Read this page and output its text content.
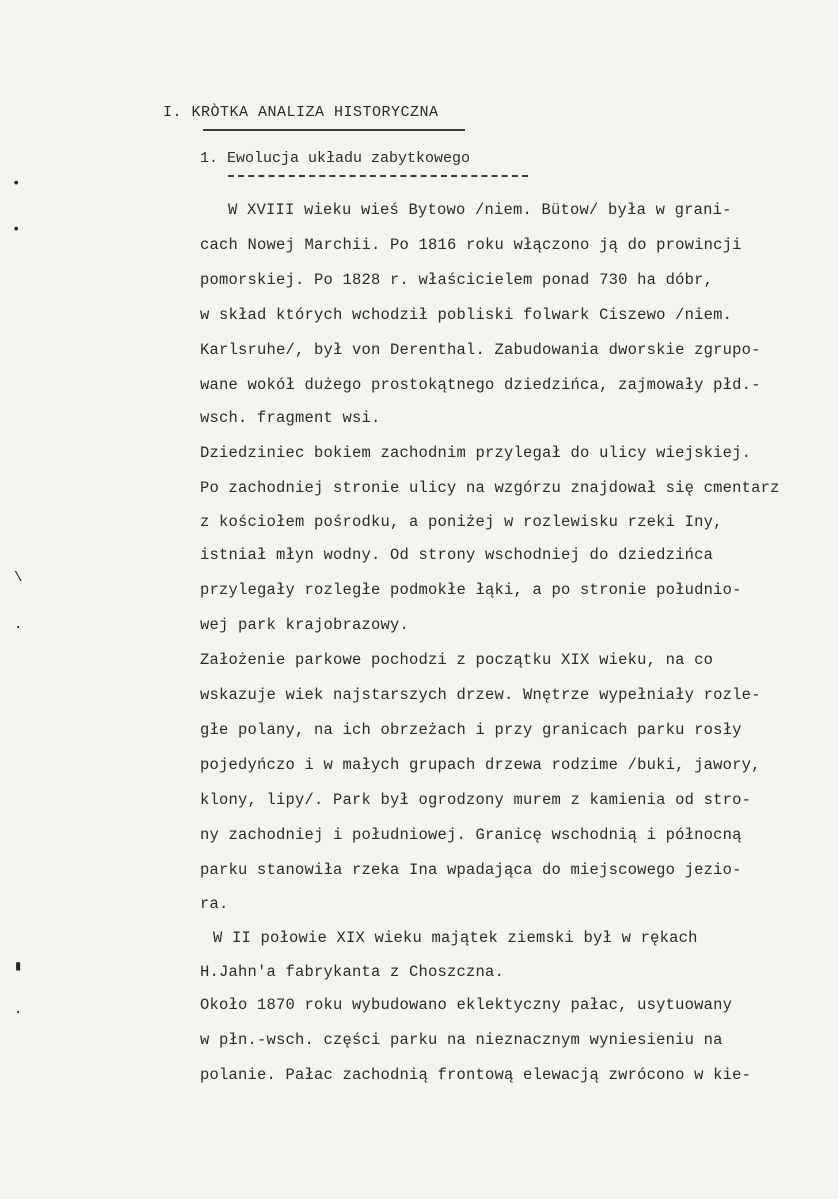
I. KRÒTKA ANALIZA HISTORYCZNA
1. Ewolucja układu zabytkowego
W XVIII wieku wieś Bytowo /niem. Bütow/ była w grani-
cach Nowej Marchii. Po 1816 roku włączono ją do prowincji
pomorskiej. Po 1828 r. właścicielem ponad 730 ha dóbr,
w skład których wchodził pobliski folwark Ciszewo /niem.
Karlsruhe/, był von Derenthal. Zabudowania dworskie zgrupo-
wane wokół dużego prostokątnego dziedzińca, zajmowały płd.-
wsch. fragment wsi.
Dziedziniec bokiem zachodnim przylegał do ulicy wiejskiej.
Po zachodniej stronie ulicy na wzgórzu znajdował się cmentarz
z kościołem pośrodku, a poniżej w rozlewisku rzeki Iny,
istniał młyn wodny. Od strony wschodniej do dziedzińca
przylegały rozległe podmokłe łąki, a po stronie południo-
wej park krajobrazowy.
Założenie parkowe pochodzi z początku XIX wieku, na co
wskazuje wiek najstarszych drzew. Wnętrze wypełniały rozle-
głe polany, na ich obrzeżach i przy granicach parku rosły
pojedyńczo i w małych grupach drzewa rodzime /buki, jawory,
klony, lipy/. Park był ogrodzony murem z kamienia od stro-
ny zachodniej i południowej. Granicę wschodnią i północną
parku stanowiła rzeka Ina wpadająca do miejscowego jezio-
ra.
W II połowie XIX wieku majątek ziemski był w rękach
H.Jahn'a fabrykanta z Choszczna.
Około 1870 roku wybudowano eklektyczny pałac, usytuowany
w płn.-wsch. części parku na nieznacznym wyniesieniu na
polanie. Pałac zachodnią frontową elewacją zwrócono w kie-
•
•
\
·
▮
·
